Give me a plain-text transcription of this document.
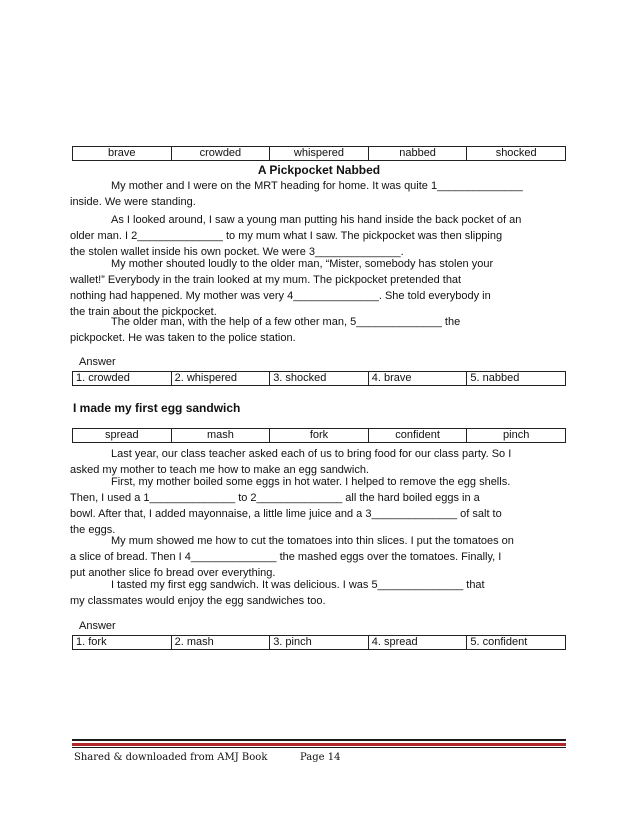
brave	crowded	whispered	nabbed	shocked
A Pickpocket Nabbed
My mother and I were on the MRT heading for home. It was quite 1______________
inside. We were standing.
As I looked around, I saw a young man putting his hand inside the back pocket of an
older man. I 2______________ to my mum what I saw. The pickpocket was then slipping
the stolen wallet inside his own pocket. We were 3______________.
My mother shouted loudly to the older man, “Mister, somebody has stolen your
wallet!” Everybody in the train looked at my mum. The pickpocket pretended that
nothing had happened. My mother was very 4______________. She told everybody in
the train about the pickpocket.
The older man, with the help of a few other man, 5______________ the
pickpocket. He was taken to the police station.
Answer
1. crowded	2. whispered	3. shocked	4. brave	5. nabbed
I made my first egg sandwich
spread	mash	fork	confident	pinch
Last year, our class teacher asked each of us to bring food for our class party. So I
asked my mother to teach me how to make an egg sandwich.
First, my mother boiled some eggs in hot water. I helped to remove the egg shells.
Then, I used a 1______________ to 2______________ all the hard boiled eggs in a
bowl. After that, I added mayonnaise, a little lime juice and a 3______________ of salt to
the eggs.
My mum showed me how to cut the tomatoes into thin slices. I put the tomatoes on
a slice of bread. Then I 4______________ the mashed eggs over the tomatoes. Finally, I
put another slice fo bread over everything.
I tasted my first egg sandwich. It was delicious. I was 5______________ that
my classmates would enjoy the egg sandwiches too.
Answer
1. fork	2. mash	3. pinch	4. spread	5. confident
Shared & downloaded from AMJ Book	Page 14
